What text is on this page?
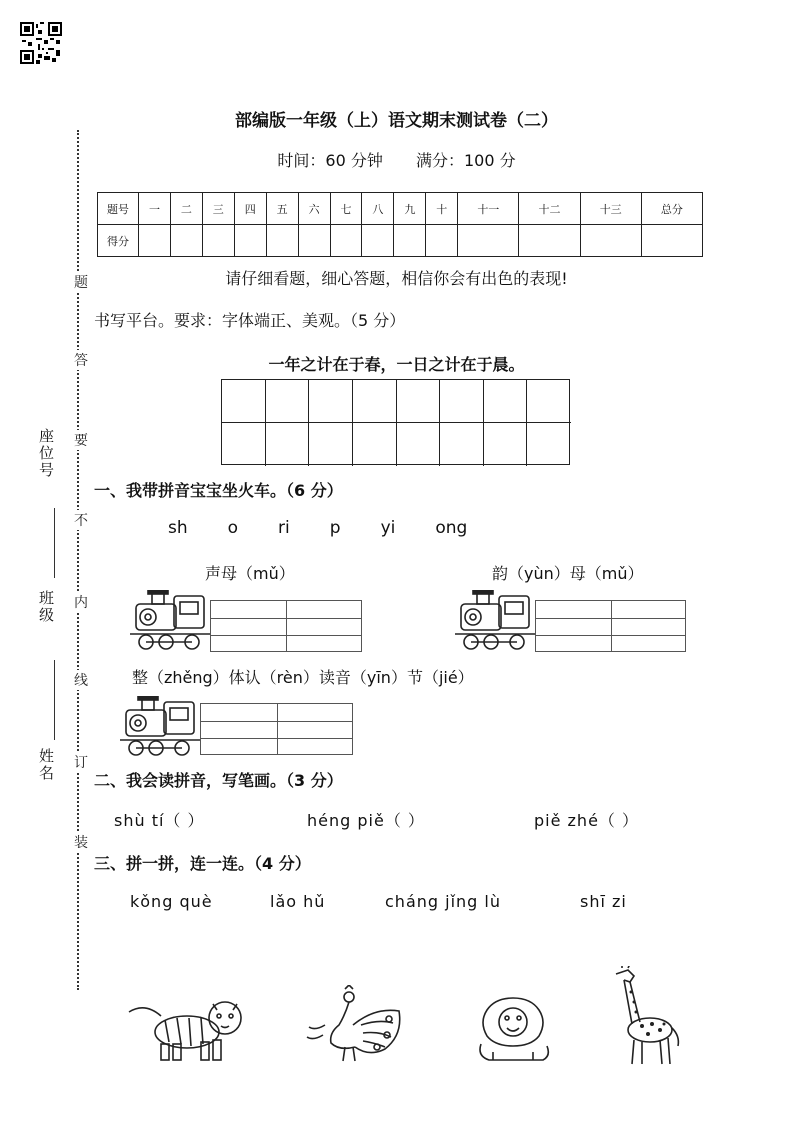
题
答
要
不
内
线
订
装
座位号
班级
姓名
部编版一年级（上）语文期末测试卷（二）
时间：60 分钟 满分：100 分
题号	一	二	三	四	五	六	七	八	九	十	十一	十二	十三	总分
得分														
请仔细看题，细心答题，相信你会有出色的表现!
书写平台。要求：字体端正、美观。（5 分）
一年之计在于春，一日之计在于晨。
一、我带拼音宝宝坐火车。（6 分）
sh o ri p yi ong
声母（mǔ）	韵（yùn）母（mǔ）
整（zhěng）体认（rèn）读音（yīn）节（jié）
二、我会读拼音，写笔画。（3 分）
shù tí（ ）	héng piě（ ）	piě zhé（ ）
三、拼一拼，连一连。（4 分）
kǒng què	lǎo hǔ	cháng jǐng lù	shī zi
